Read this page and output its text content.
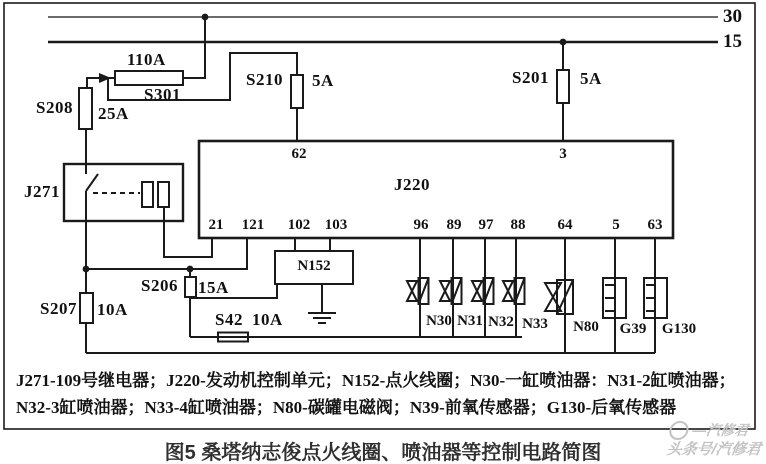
30
15
110A
S301
S208 25A
S210 5A	S201 5A
S206 15A
S207 10A
S42 10A
J271	J220
62	3
21 121 102 103	96 89 97 88 64	5 63
N152
N30 N31 N32 N33 N80 G39 G130
J271-109号继电器；J220-发动机控制单元；N152-点火线圈；N30-一缸喷油器：N31-2缸喷油器；
N32-3缸喷油器；N33-4缸喷油器；N80-碳罐电磁阀；N39-前氧传感器；G130-后氧传感器
图5 桑塔纳志俊点火线圈、喷油器等控制电路简图
—汽修君
头条号/汽修君
